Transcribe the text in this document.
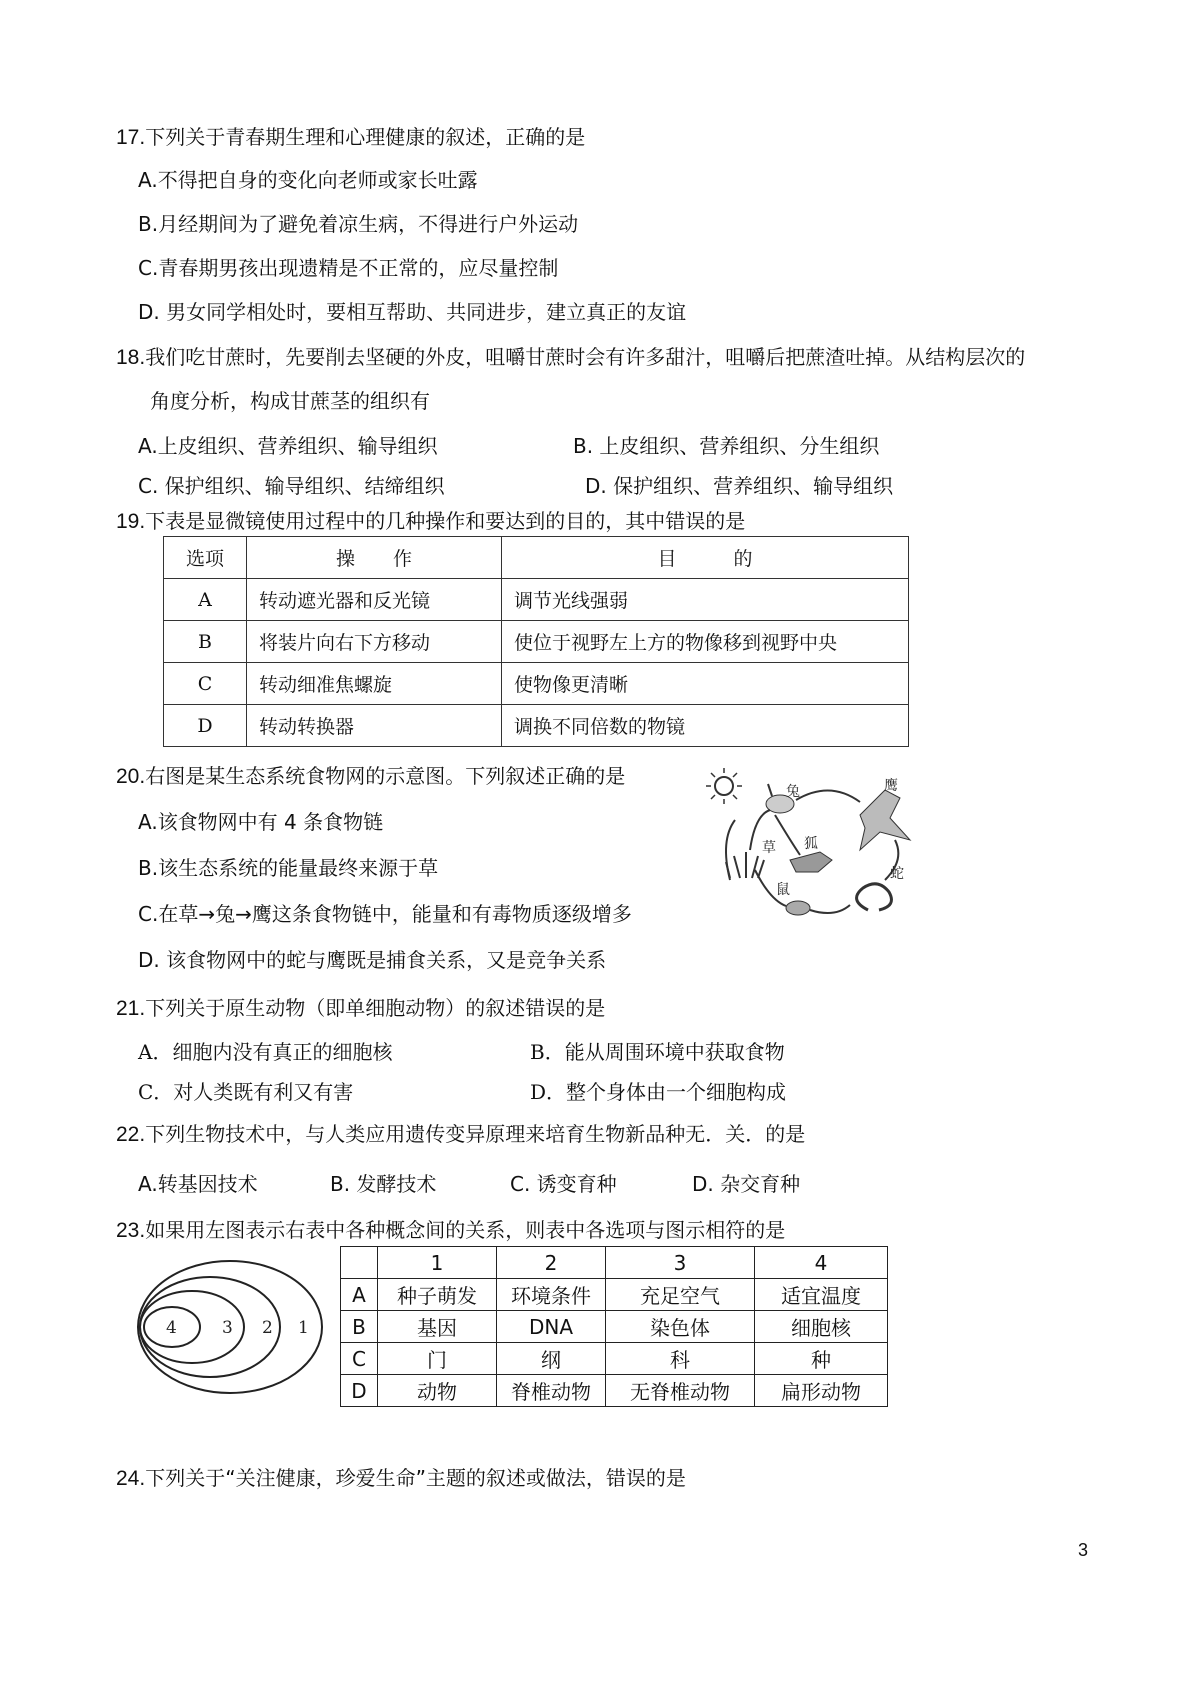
17.下列关于青春期生理和心理健康的叙述，正确的是
A.不得把自身的变化向老师或家长吐露
B.月经期间为了避免着凉生病，不得进行户外运动
C.青春期男孩出现遗精是不正常的，应尽量控制
D. 男女同学相处时，要相互帮助、共同进步，建立真正的友谊
18.我们吃甘蔗时，先要削去坚硬的外皮，咀嚼甘蔗时会有许多甜汁，咀嚼后把蔗渣吐掉。从结构层次的
角度分析，构成甘蔗茎的组织有
A.上皮组织、营养组织、输导组织	B. 上皮组织、营养组织、分生组织
C. 保护组织、输导组织、结缔组织	D. 保护组织、营养组织、输导组织
19.下表是显微镜使用过程中的几种操作和要达到的目的，其中错误的是
选项	操　　作	目　　　的
A	转动遮光器和反光镜	调节光线强弱
B	将装片向右下方移动	使位于视野左上方的物像移到视野中央
C	转动细准焦螺旋	使物像更清晰
D	转动转换器	调换不同倍数的物镜
20.右图是某生态系统食物网的示意图。下列叙述正确的是
A.该食物网中有 4 条食物链
B.该生态系统的能量最终来源于草
C.在草→兔→鹰这条食物链中，能量和有毒物质逐级增多
D. 该食物网中的蛇与鹰既是捕食关系，又是竞争关系
兔	鹰
草 狐
鼠
蛇
21.下列关于原生动物（即单细胞动物）的叙述错误的是
A．细胞内没有真正的细胞核	B．能从周围环境中获取食物
C．对人类既有利又有害	D．整个身体由一个细胞构成
22.下列生物技术中，与人类应用遗传变异原理来培育生物新品种无．关．的是
A.转基因技术	B. 发酵技术	C. 诱变育种	D. 杂交育种
23.如果用左图表示右表中各种概念间的关系，则表中各选项与图示相符的是
4	3 2 1
	1	2	3	4
A	种子萌发	环境条件	充足空气	适宜温度
B	基因	DNA	染色体	细胞核
C	门	纲	科	种
D	动物	脊椎动物	无脊椎动物	扁形动物
24.下列关于“关注健康，珍爱生命”主题的叙述或做法，错误的是
3
